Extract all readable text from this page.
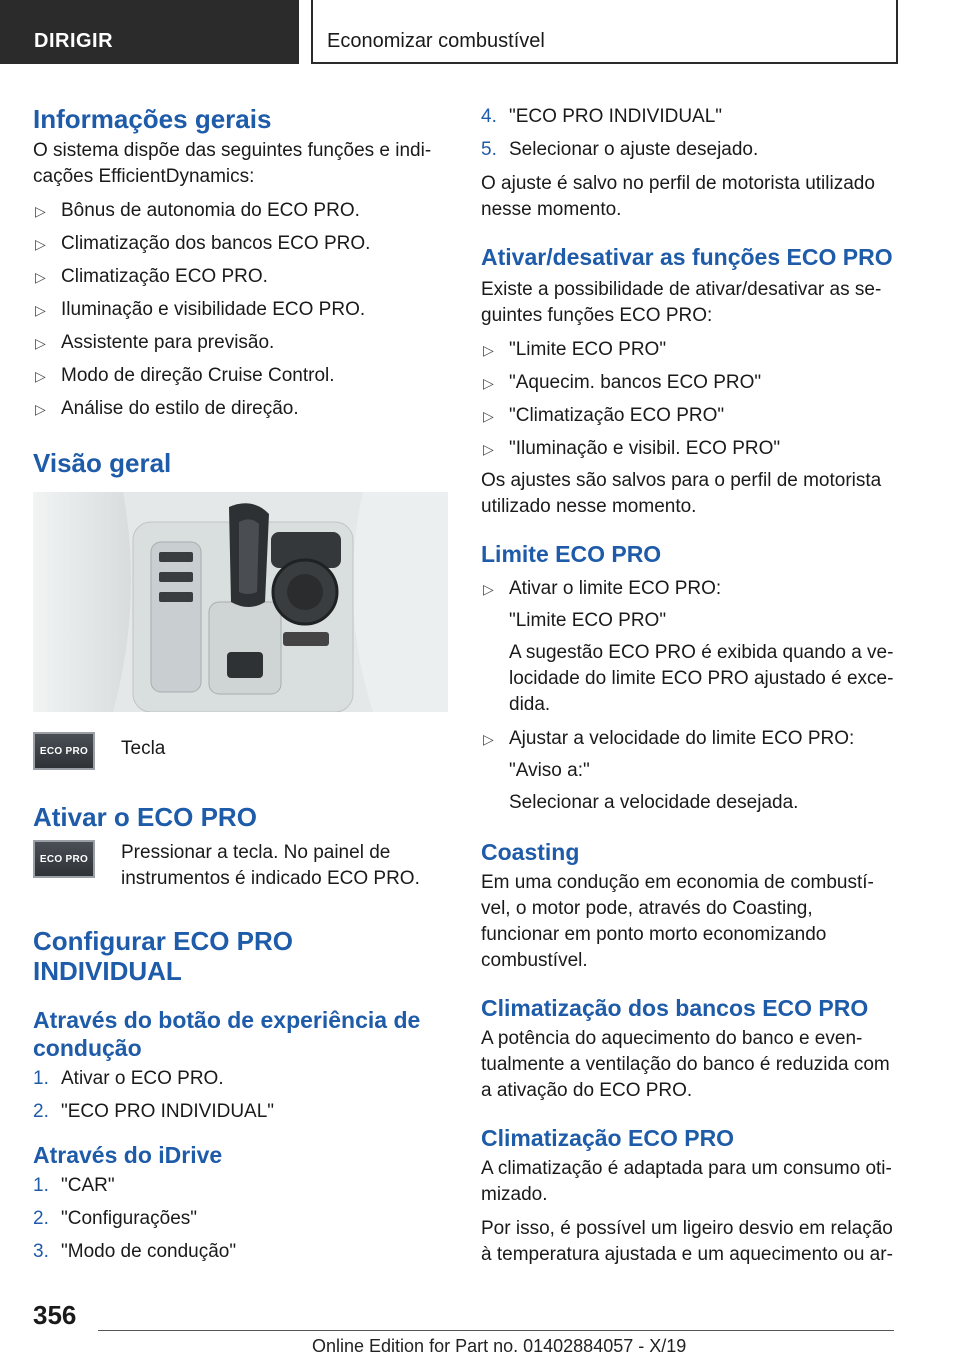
DIRIGIR	Economizar combustível
Informações gerais

O sistema dispõe das seguintes funções e indicações EfficientDynamics:

▷ Bônus de autonomia do ECO PRO.
▷ Climatização dos bancos ECO PRO.
▷ Climatização ECO PRO.
▷ Iluminação e visibilidade ECO PRO.
▷ Assistente para previsão.
▷ Modo de direção Cruise Control.
▷ Análise do estilo de direção.
Visão geral
ECO PRO	Tecla
Ativar o ECO PRO
ECO PRO	Pressionar a tecla. No painel de instrumentos é indicado ECO PRO.
Configurar ECO PRO INDIVIDUAL
Através do botão de experiência de condução
1. Ativar o ECO PRO.
2. "ECO PRO INDIVIDUAL"
Através do iDrive
1. "CAR"
2. "Configurações"
3. "Modo de condução"
4. "ECO PRO INDIVIDUAL"
5. Selecionar o ajuste desejado.

O ajuste é salvo no perfil de motorista utilizado nesse momento.

Ativar/desativar as funções ECO PRO

Existe a possibilidade de ativar/desativar as seguintes funções ECO PRO:

▷ "Limite ECO PRO"
▷ "Aquecim. bancos ECO PRO"
▷ "Climatização ECO PRO"
▷ "Iluminação e visibil. ECO PRO"

Os ajustes são salvos para o perfil de motorista utilizado nesse momento.

Limite ECO PRO
▷ Ativar o limite ECO PRO:
"Limite ECO PRO"
A sugestão ECO PRO é exibida quando a velocidade do limite ECO PRO ajustado é excedida.
▷ Ajustar a velocidade do limite ECO PRO:
"Aviso a:"
Selecionar a velocidade desejada.
Coasting

Em uma condução em economia de combustível, o motor pode, através do Coasting, funcionar em ponto morto economizando combustível.

Climatização dos bancos ECO PRO

A potência do aquecimento do banco e eventualmente a ventilação do banco é reduzida com a ativação do ECO PRO.

Climatização ECO PRO

A climatização é adaptada para um consumo otimizado.

Por isso, é possível um ligeiro desvio em relação à temperatura ajustada e um aquecimento ou ar-

356
Online Edition for Part no. 01402884057 - X/19
